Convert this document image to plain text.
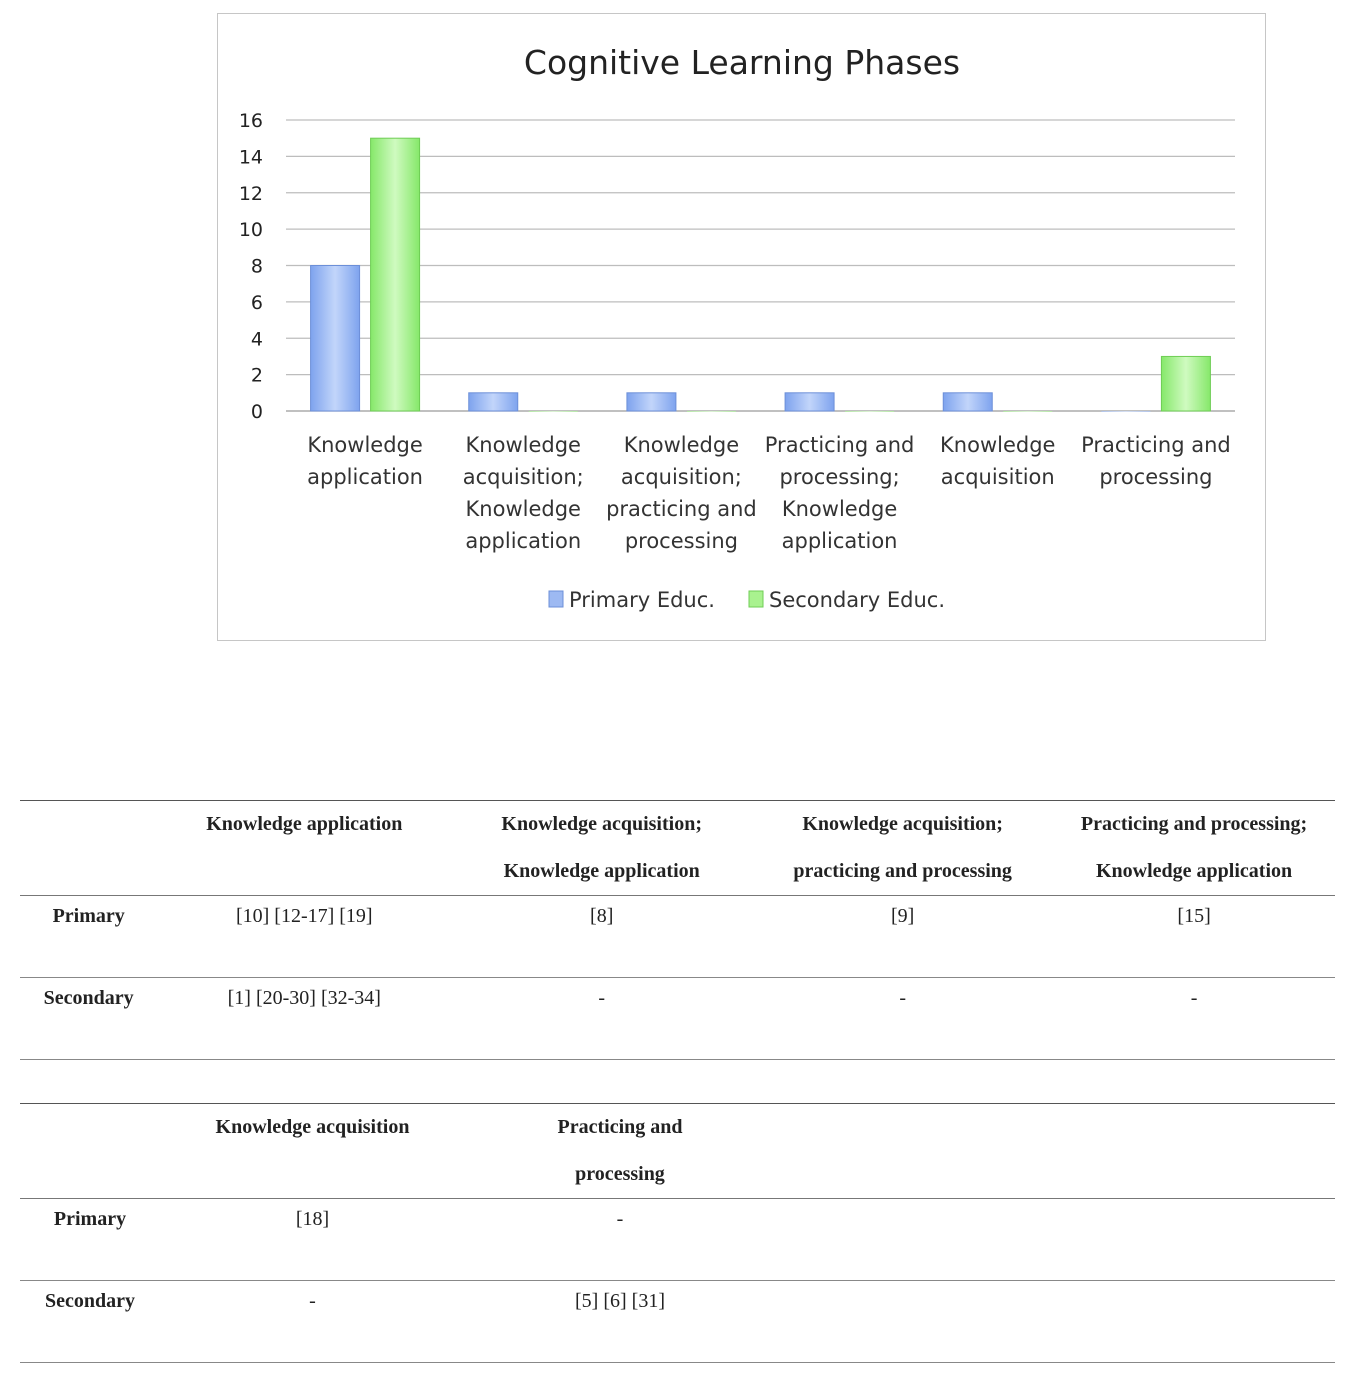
Cognitive Learning Phases
0
2
4
6
8
10
12
14
16
Knowledge application
Knowledge acquisition; Knowledge application
Knowledge acquisition; practicing and processing
Practicing and processing; Knowledge application
Knowledge acquisition
Practicing and processing
Primary Educ.	Secondary Educ.
	Knowledge application	Knowledge acquisition; Knowledge application	Knowledge acquisition; practicing and processing	Practicing and processing; Knowledge application
Primary	[10] [12-17] [19]	[8]	[9]	[15]
Secondary	[1] [20-30] [32-34]	-	-	-
	Knowledge acquisition	Practicing and processing	
Primary	[18]	-	
Secondary	-	[5] [6] [31]	
